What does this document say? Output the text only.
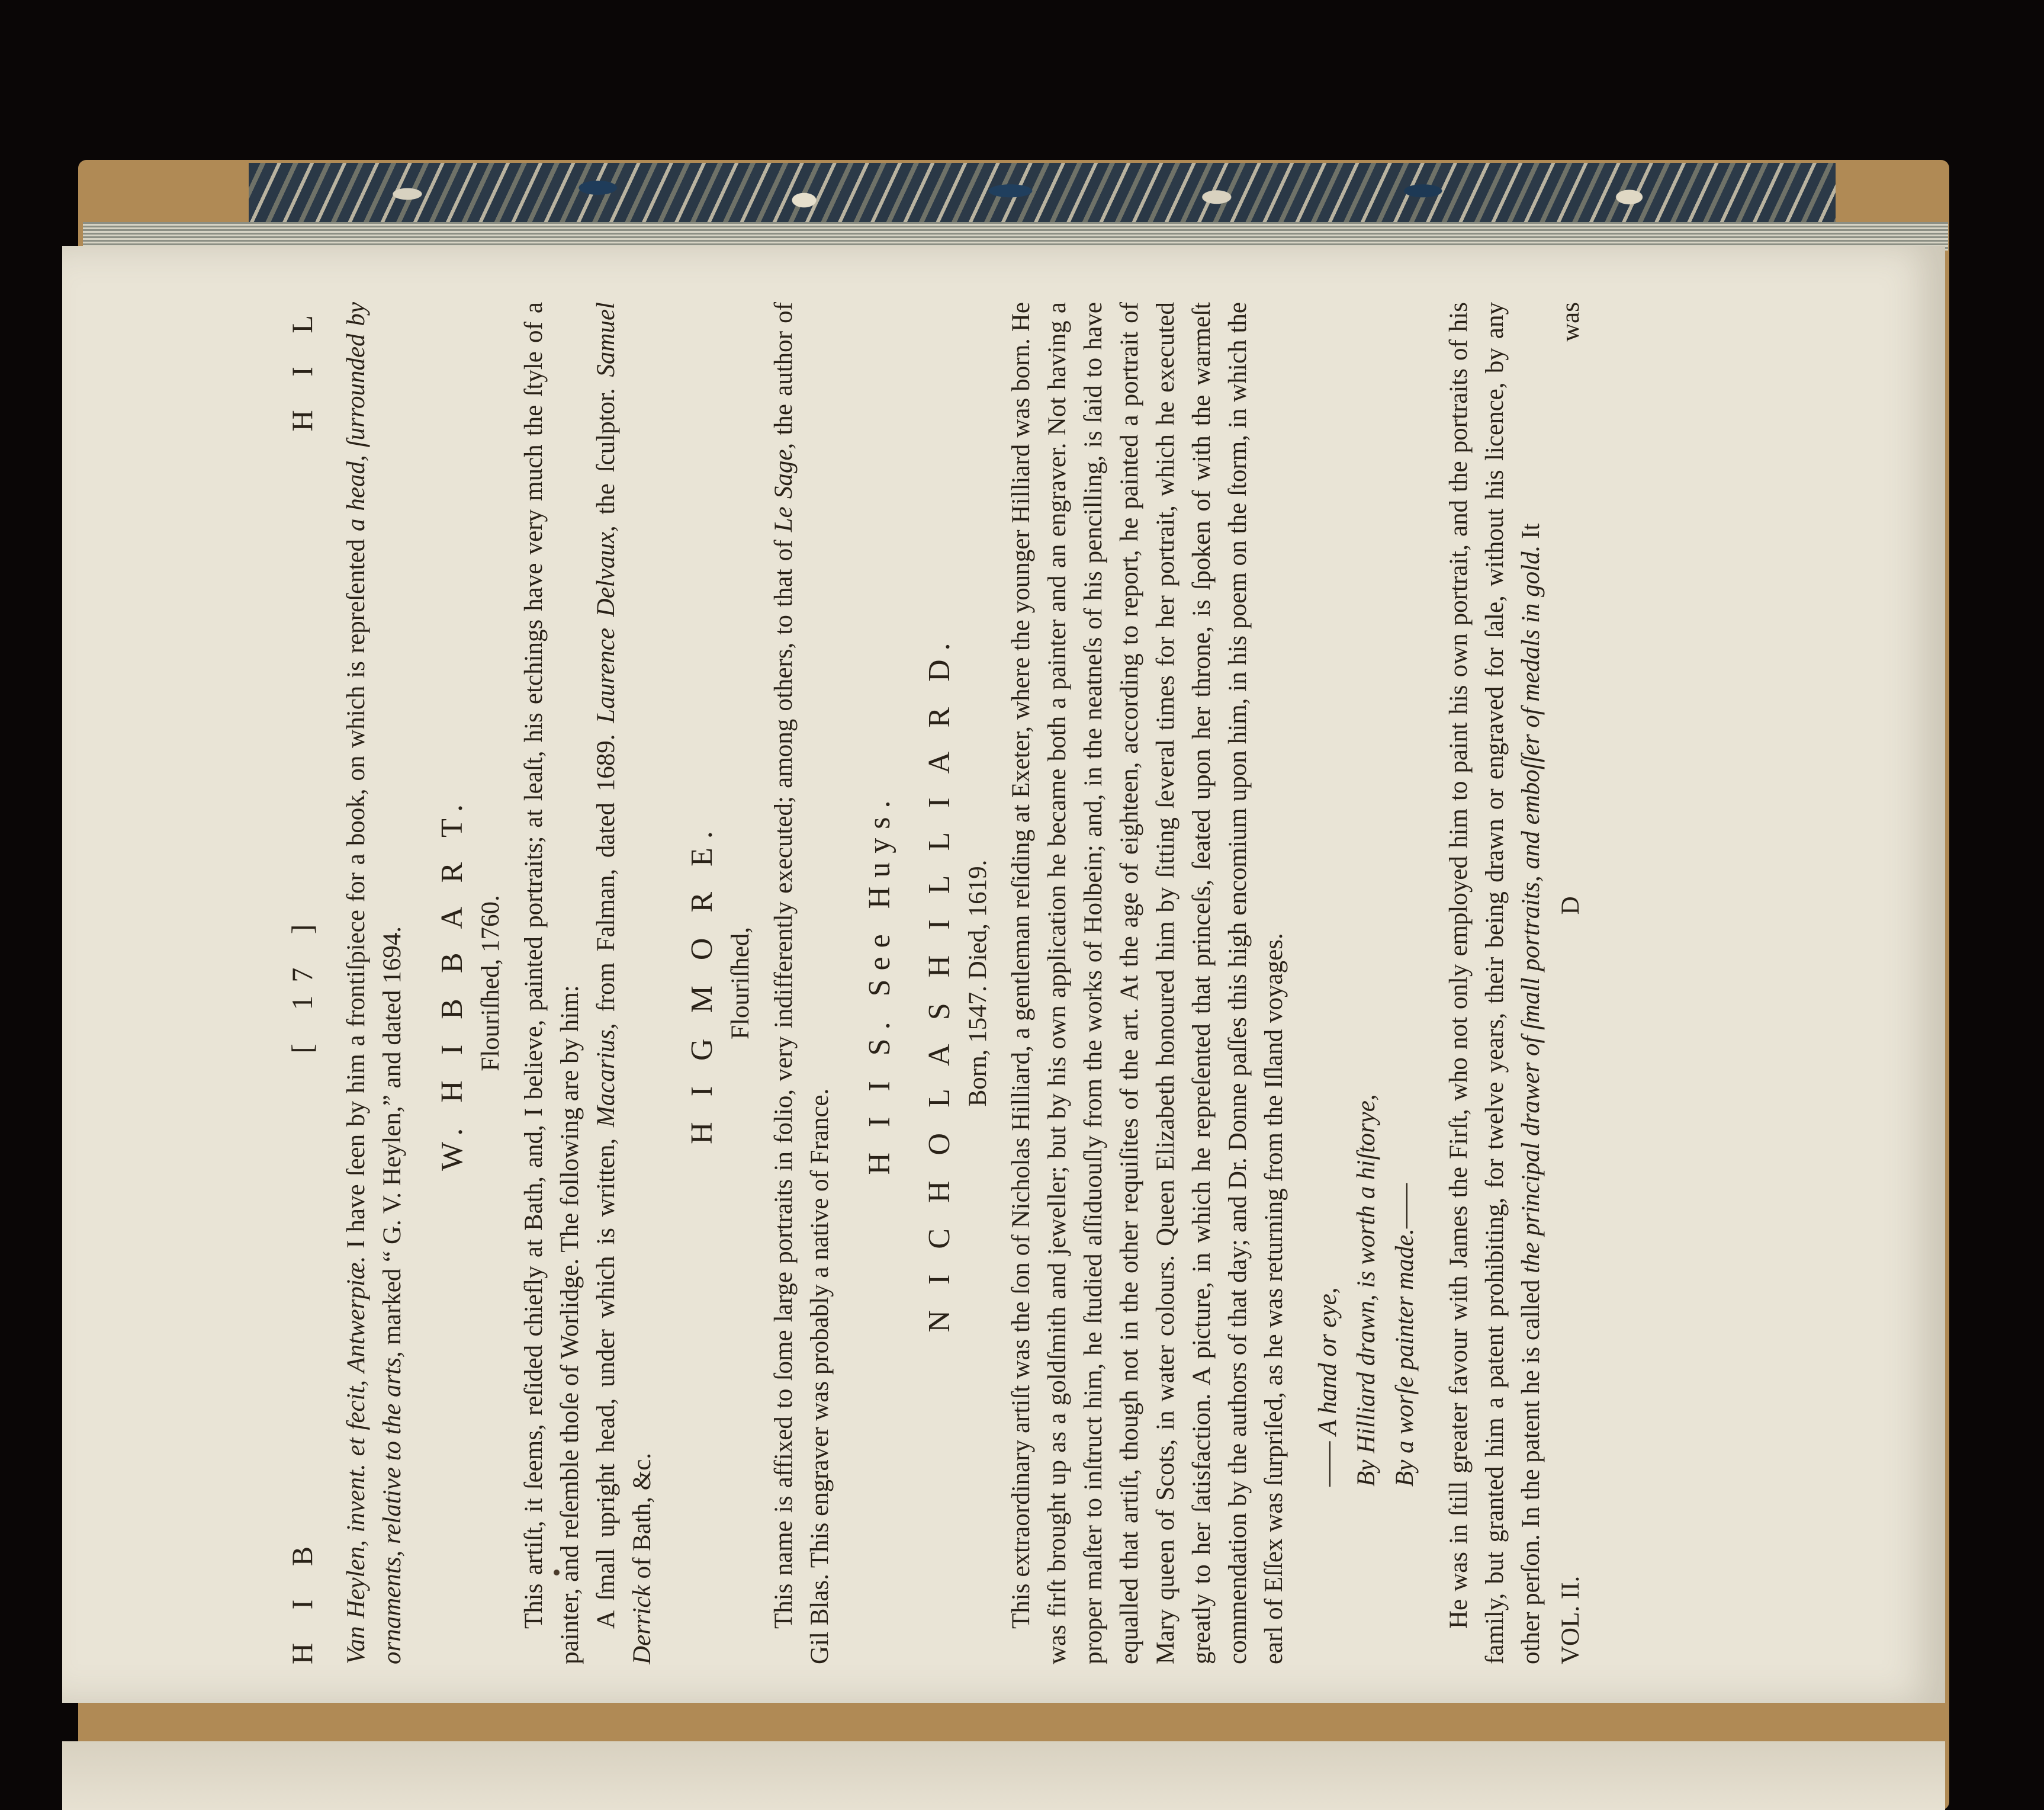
H I B
[ 17 ]
H I L

Van Heylen, invent. et fecit, Antwerpiæ. I have ſeen by him a frontiſpiece for a book, on which is repreſented a head, ſurrounded by ornaments, relative to the arts, marked “ G. V. Heylen,” and dated 1694. W. H I B B A R T. Flouriſhed, 1760. This artiſt, it ſeems, reſided chiefly at Bath, and, I believe, painted portraits; at leaſt, his etchings have very much the ſtyle of a painter, and reſemble thoſe of Worlidge. The following are by him: A ſmall upright head, under which is written, Macarius, from Falman, dated 1689. Laurence Delvaux, the ſculptor. Samuel Derrick of Bath, &c.

H I G M O R E. Flouriſhed, This name is affixed to ſome large portraits in folio, very indifferently executed; among others, to that of Le Sage, the author of Gil Blas. This engraver was probably a native of France.

H I I S. See Huys. N I C H O L A S H I L L I A R D. Born, 1547. Died, 1619. This extraordinary artiſt was the ſon of Nicholas Hilliard, a gentleman reſiding at Exeter, where the younger Hilliard was born. He was firſt brought up as a goldſmith and jeweller; but by his own application he became both a painter and an engraver. Not having a proper maſter to inſtruct him, he ſtudied aſſiduouſly from the works of Holbein; and, in the neatneſs of his pencilling, is ſaid to have equalled that artiſt, though not in the other requiſites of the art. At the age of eighteen, according to report, he painted a portrait of Mary queen of Scots, in water colours. Queen Elizabeth honoured him by ſitting ſeveral times for her portrait, which he executed greatly to her ſatisfaction. A picture, in which he repreſented that princeſs, ſeated upon her throne, is ſpoken of with the warmeſt commendation by the authors of that day; and Dr. Donne paſſes this high encomium upon him, in his poem on the ſtorm, in which the earl of Eſſex was ſurpriſed, as he was returning from the Iſland voyages. —— A hand or eye, By Hilliard drawn, is worth a hiſtorye, By a worſe painter made.—— He was in ſtill greater favour with James the Firſt, who not only employed him to paint his own portrait, and the portraits of his family, but granted him a patent prohibiting, for twelve years, their being drawn or engraved for ſale, without his licence, by any other perſon. In the patent he is called the principal drawer of ſmall portraits, and emboſſer of medals in gold. It

VOL. II.
D
was
